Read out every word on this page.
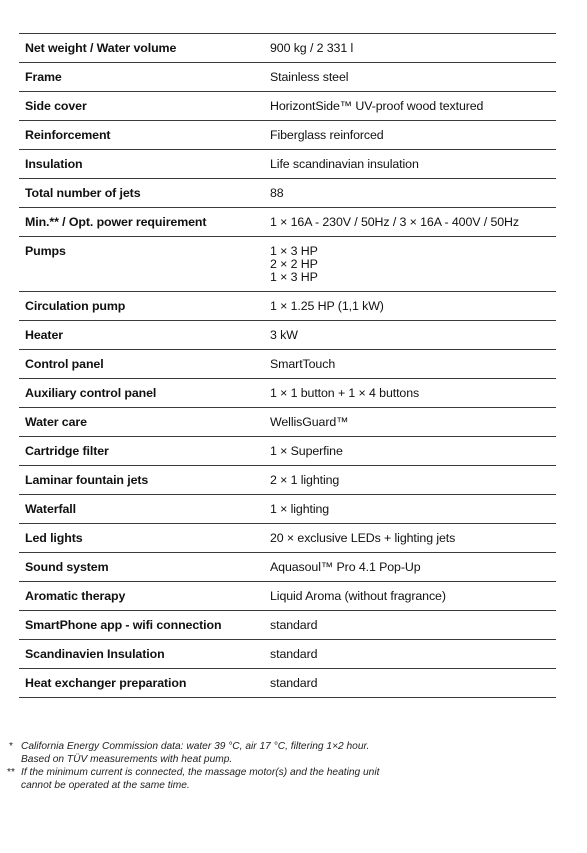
Net weight / Water volume	900 kg / 2 331 l

Frame	Stainless steel

Side cover	HorizontSide™ UV-proof wood textured

Reinforcement	Fiberglass reinforced

Insulation	Life scandinavian insulation

Total number of jets	88

Min.** / Opt. power requirement	1 × 16A - 230V / 50Hz / 3 × 16A - 400V / 50Hz

Pumps	1 × 3 HP
2 × 2 HP
1 × 3 HP

Circulation pump	1 × 1.25 HP (1,1 kW)

Heater	3 kW

Control panel	SmartTouch

Auxiliary control panel	1 × 1 button + 1 × 4 buttons

Water care	WellisGuard™

Cartridge filter	1 × Superfine

Laminar fountain jets	2 × 1 lighting

Waterfall	1 × lighting

Led lights	20 × exclusive LEDs + lighting jets

Sound system	Aquasoul™ Pro 4.1 Pop-Up

Aromatic therapy	Liquid Aroma (without fragrance)

SmartPhone app - wifi connection	standard

Scandinavien Insulation	standard

Heat exchanger preparation	standard
* California Energy Commission data: water 39 °C, air 17 °C, filtering 1×2 hour.
Based on TÜV measurements with heat pump.
** If the minimum current is connected, the massage motor(s) and the heating unit
cannot be operated at the same time.
